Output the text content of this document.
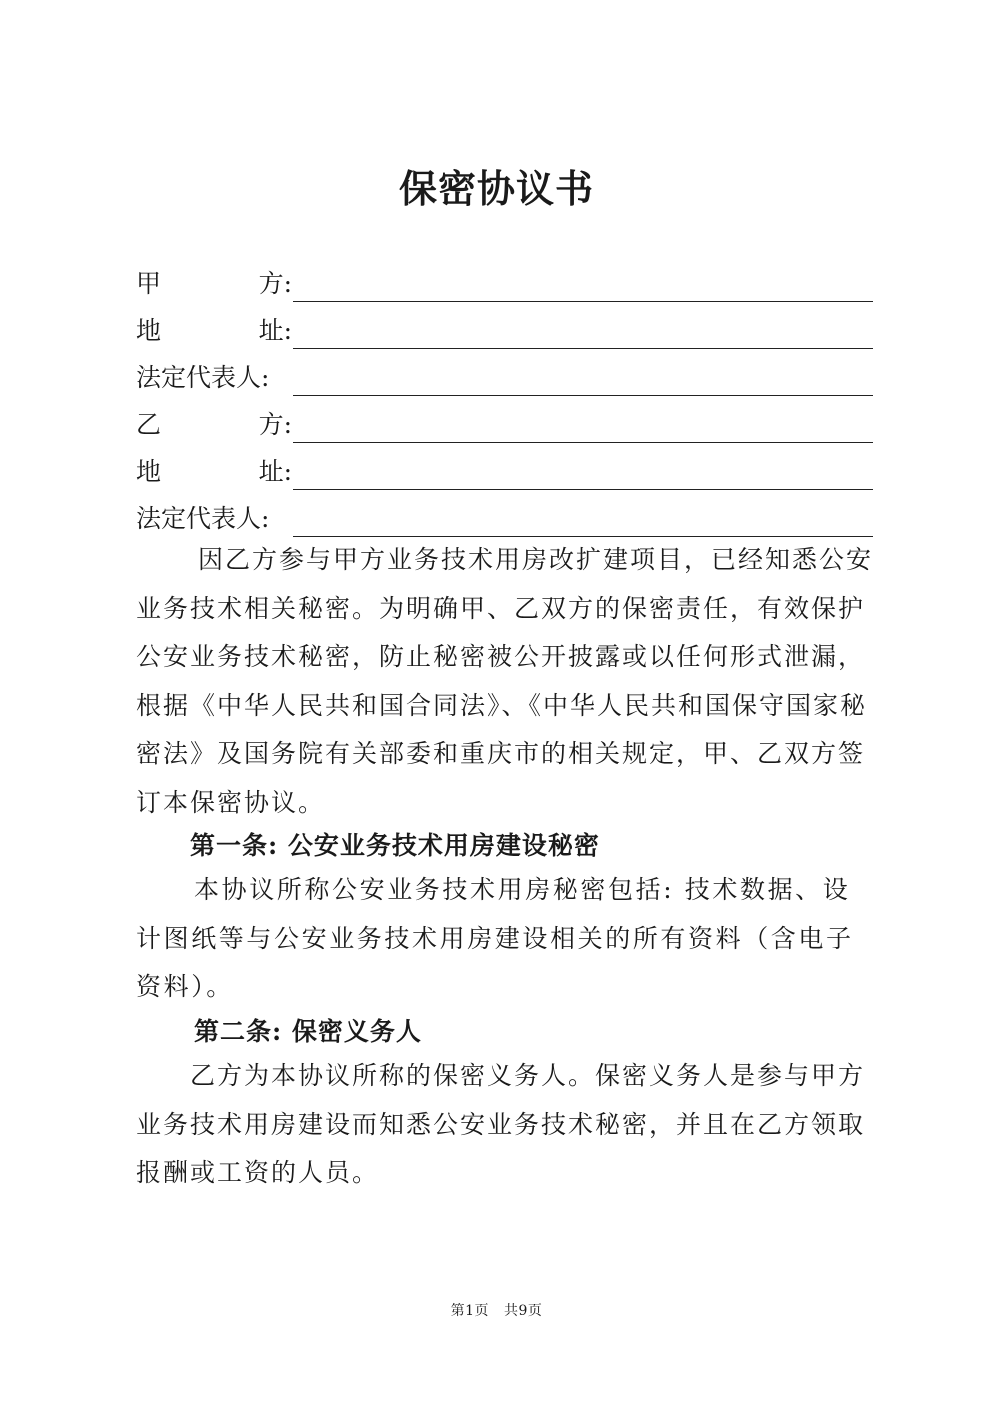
保密协议书
甲	方:
地	址:
法定代表人:
乙	方:
地	址:
法定代表人:
因乙方参与甲方业务技术用房改扩建项目，已经知悉公安业务技术相关秘密。为明确甲、乙双方的保密责任，有效保护公安业务技术秘密，防止秘密被公开披露或以任何形式泄漏，根据《中华人民共和国合同法》、《中华人民共和国保守国家秘密法》及国务院有关部委和重庆市的相关规定，甲、乙双方签订本保密协议。
第一条: 公安业务技术用房建设秘密
本协议所称公安业务技术用房秘密包括: 技术数据、设计图纸等与公安业务技术用房建设相关的所有资料（含电子资料）。
第二条: 保密义务人
乙方为本协议所称的保密义务人。保密义务人是参与甲方业务技术用房建设而知悉公安业务技术秘密，并且在乙方领取报酬或工资的人员。
第1页 共9页
